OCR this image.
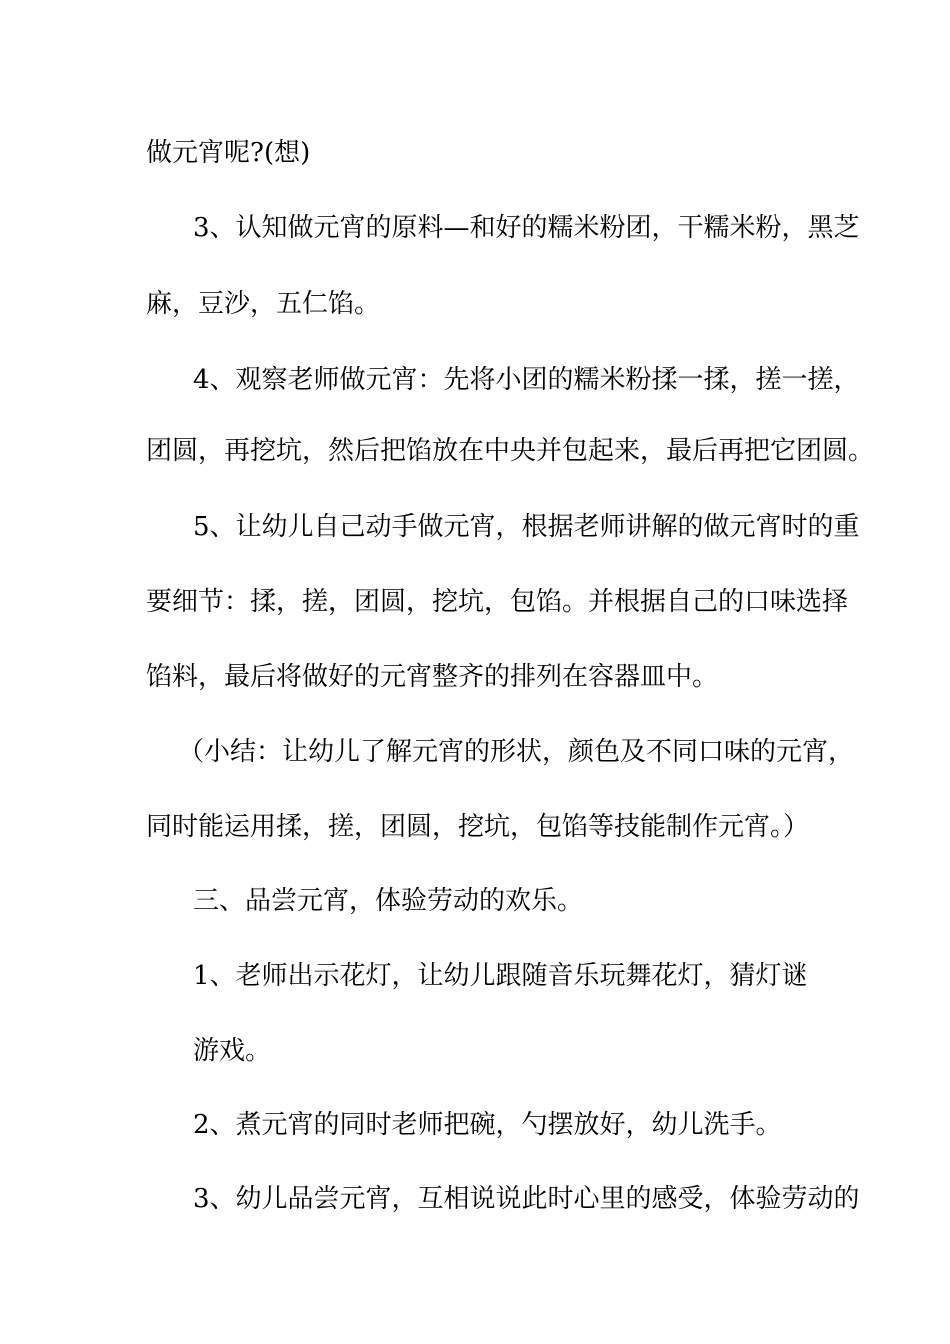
做元宵呢?(想)
3、认知做元宵的原料—和好的糯米粉团，干糯米粉，黑芝
麻，豆沙，五仁馅。
4、观察老师做元宵：先将小团的糯米粉揉一揉，搓一搓，
团圆，再挖坑，然后把馅放在中央并包起来，最后再把它团圆。
5、让幼儿自己动手做元宵，根据老师讲解的做元宵时的重
要细节：揉，搓，团圆，挖坑，包馅。并根据自己的口味选择
馅料，最后将做好的元宵整齐的排列在容器皿中。
（小结：让幼儿了解元宵的形状，颜色及不同口味的元宵，
同时能运用揉，搓，团圆，挖坑，包馅等技能制作元宵。）
三、品尝元宵，体验劳动的欢乐。
1、老师出示花灯，让幼儿跟随音乐玩舞花灯，猜灯谜
游戏。
2、煮元宵的同时老师把碗，勺摆放好，幼儿洗手。
3、幼儿品尝元宵，互相说说此时心里的感受，体验劳动的
